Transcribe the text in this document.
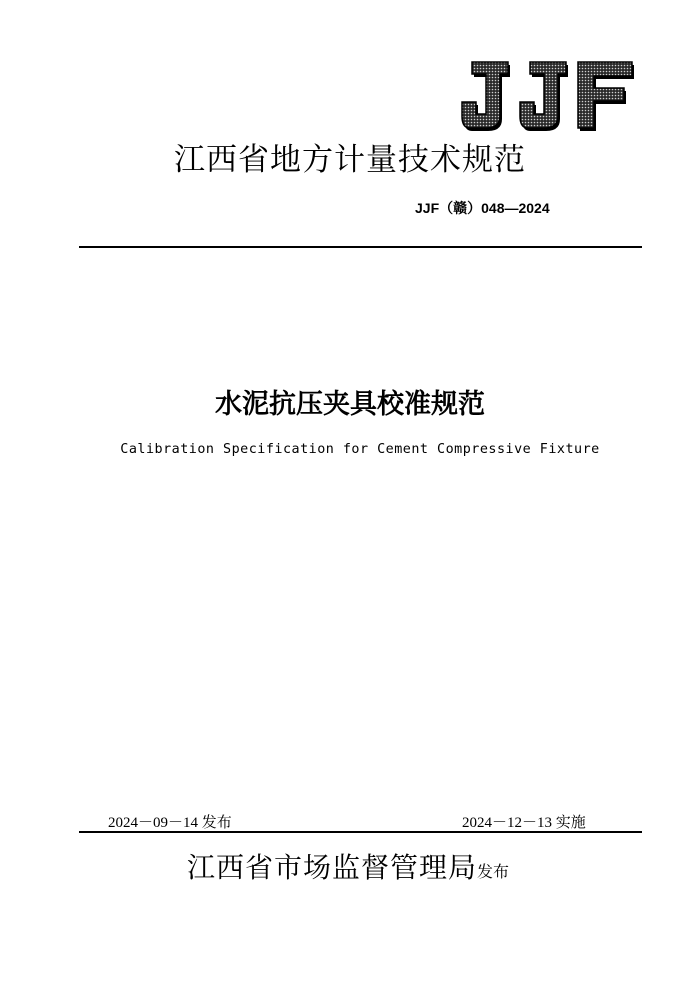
J	J
江西省地方计量技术规范
JJF（赣）048—2024
水泥抗压夹具校准规范
Calibration Specification for Cement Compressive Fixture
2024－09－14 发布	2024－12－13 实施
江西省市场监督管理局发布
